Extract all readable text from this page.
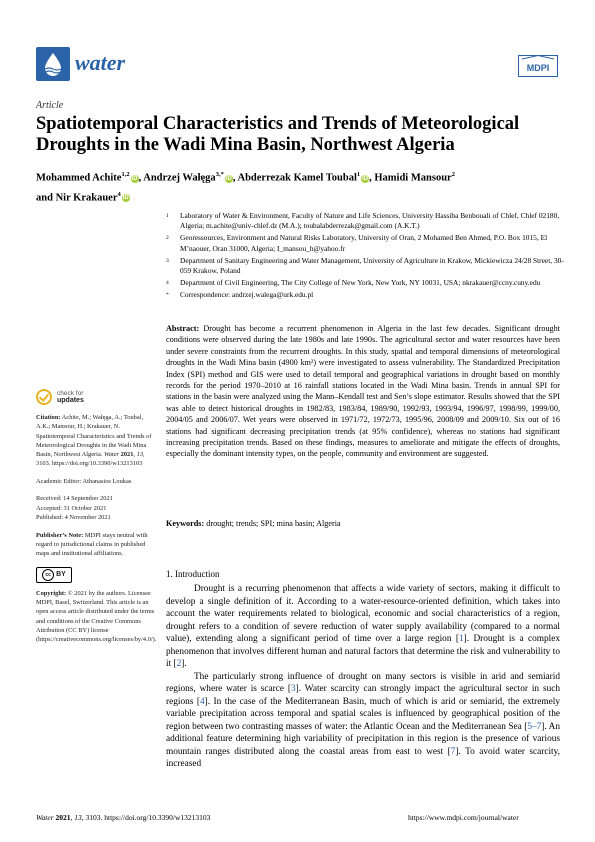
water	MDPI
Article
Spatiotemporal Characteristics and Trends of Meteorological Droughts in the Wadi Mina Basin, Northwest Algeria
Mohammed Achite$^{1,2}$iD, Andrzej Wałęga$^{3,*}$iD, Abderrezak Kamel Toubal$^1$iD, Hamidi Mansour$^2$
and Nir Krakauer$^4$iD
1	Laboratory of Water & Environment, Faculty of Nature and Life Sciences, University Hassiba Benbouali of Chlef, Chlef 02180, Algeria; m.achite@univ-chlef.dz (M.A.); toubalabderrezak@gmail.com (A.K.T.)
2	Georessources, Environment and Natural Risks Laboratory, University of Oran, 2 Mohamed Ben Ahmed, P.O. Box 1015, El M’naouer, Oran 31000, Algeria; I_mansou_h@yahoo.fr
3	Department of Sanitary Engineering and Water Management, University of Agriculture in Krakow, Mickiewicza 24/28 Street, 30-059 Krakow, Poland
4	Department of Civil Engineering, The City College of New York, New York, NY 10031, USA; nkrakauer@ccny.cuny.edu
*	Correspondence: andrzej.walega@urk.edu.pl
Abstract: Drought has become a recurrent phenomenon in Algeria in the last few decades. Significant drought conditions were observed during the late 1980s and late 1990s. The agricultural sector and water resources have been under severe constraints from the recurrent droughts. In this study, spatial and temporal dimensions of meteorological droughts in the Wadi Mina basin (4900 km²) were investigated to assess vulnerability. The Standardized Precipitation Index (SPI) method and GIS were used to detail temporal and geographical variations in drought based on monthly records for the period 1970–2010 at 16 rainfall stations located in the Wadi Mina basin. Trends in annual SPI for stations in the basin were analyzed using the Mann–Kendall test and Sen’s slope estimator. Results showed that the SPI was able to detect historical droughts in 1982/83, 1983/84, 1989/90, 1992/93, 1993/94, 1996/97, 1998/99, 1999/00, 2004/05 and 2006/07. Wet years were observed in 1971/72, 1972/73, 1995/96, 2008/09 and 2009/10. Six out of 16 stations had significant decreasing precipitation trends (at 95% confidence), whereas no stations had significant increasing precipitation trends. Based on these findings, measures to ameliorate and mitigate the effects of droughts, especially the dominant intensity types, on the people, community and environment are suggested.
Keywords: drought; trends; SPI; mina basin; Algeria
check for
updates
Citation: Achite, M.; Wałęga, A.; Toubal, A.K.; Mansour, H.; Krakauer, N. Spatiotemporal Characteristics and Trends of Meteorological Droughts in the Wadi Mina Basin, Northwest Algeria. Water 2021, 13, 3103. https://doi.org/10.3390/w13213103
Academic Editor: Athanasios Loukas
Received: 14 September 2021
Accepted: 31 October 2021
Published: 4 November 2021
Publisher’s Note: MDPI stays neutral with regard to jurisdictional claims in published maps and institutional affiliations.
cc BY
Copyright: © 2021 by the authors. Licensee MDPI, Basel, Switzerland. This article is an open access article distributed under the terms and conditions of the Creative Commons Attribution (CC BY) license (https://creativecommons.org/licenses/by/4.0/).
1. Introduction

Drought is a recurring phenomenon that affects a wide variety of sectors, making it difficult to develop a single definition of it. According to a water-resource-oriented definition, which takes into account the water requirements related to biological, economic and social characteristics of a region, drought refers to a condition of severe reduction of water supply availability (compared to a normal value), extending along a significant period of time over a large region [1]. Drought is a complex phenomenon that involves different human and natural factors that determine the risk and vulnerability to it [2].

The particularly strong influence of drought on many sectors is visible in arid and semiarid regions, where water is scarce [3]. Water scarcity can strongly impact the agricultural sector in such regions [4]. In the case of the Mediterranean Basin, much of which is arid or semiarid, the extremely variable precipitation across temporal and spatial scales is influenced by geographical position of the region between two contrasting masses of water: the Atlantic Ocean and the Mediterranean Sea [5–7]. An additional feature determining high variability of precipitation in this region is the presence of various mountain ranges distributed along the coastal areas from east to west [7]. To avoid water scarcity, increased

Water 2021, 13, 3103. https://doi.org/10.3390/w13213103	https://www.mdpi.com/journal/water
